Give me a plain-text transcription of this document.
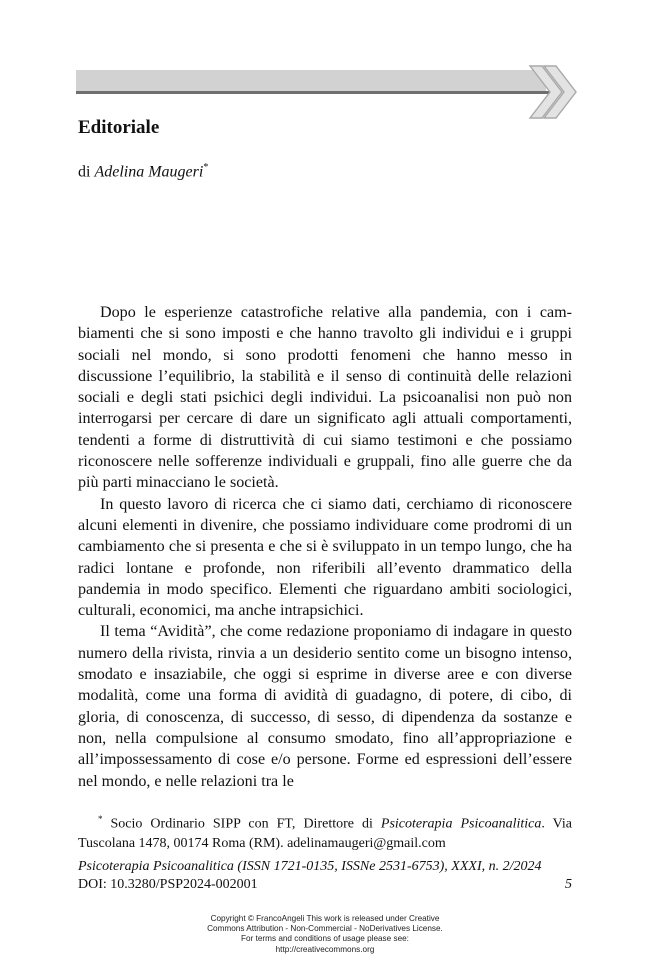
Editoriale
di Adelina Maugeri*

Dopo le esperienze catastrofiche relative alla pandemia, con i cambiamenti che si sono imposti e che hanno travolto gli individui e i gruppi sociali nel mondo, si sono prodotti fenomeni che hanno messo in discussione l’equilibrio, la stabilità e il senso di continuità delle relazioni sociali e degli stati psichici degli individui. La psicoanalisi non può non interrogarsi per cercare di dare un significato agli attuali comportamenti, tendenti a forme di distruttività di cui siamo testimoni e che possiamo riconoscere nelle sofferenze individuali e gruppali, fino alle guerre che da più parti minacciano le società.

In questo lavoro di ricerca che ci siamo dati, cerchiamo di riconoscere alcuni elementi in divenire, che possiamo individuare come prodromi di un cambiamento che si presenta e che si è sviluppato in un tempo lungo, che ha radici lontane e profonde, non riferibili all’evento drammatico della pandemia in modo specifico. Elementi che riguardano ambiti sociologici, culturali, economici, ma anche intrapsichici.

Il tema “Avidità”, che come redazione proponiamo di indagare in questo numero della rivista, rinvia a un desiderio sentito come un bisogno intenso, smodato e insaziabile, che oggi si esprime in diverse aree e con diverse modalità, come una forma di avidità di guadagno, di potere, di cibo, di gloria, di conoscenza, di successo, di sesso, di dipendenza da sostanze e non, nella compulsione al consumo smodato, fino all’appropriazione e all’impossessamento di cose e/o persone. Forme ed espressioni dell’essere nel mondo, e nelle relazioni tra le

* Socio Ordinario SIPP con FT, Direttore di Psicoterapia Psicoanalitica. Via Tuscolana 1478, 00174 Roma (RM). adelinamaugeri@gmail.com

Psicoterapia Psicoanalitica (ISSN 1721-0135, ISSNe 2531-6753), XXXI, n. 2/2024
DOI: 10.3280/PSP2024-002001	5
Copyright © FrancoAngeli This work is released under Creative
Commons Attribution - Non-Commercial - NoDerivatives License.
For terms and conditions of usage please see:
http://creativecommons.org
